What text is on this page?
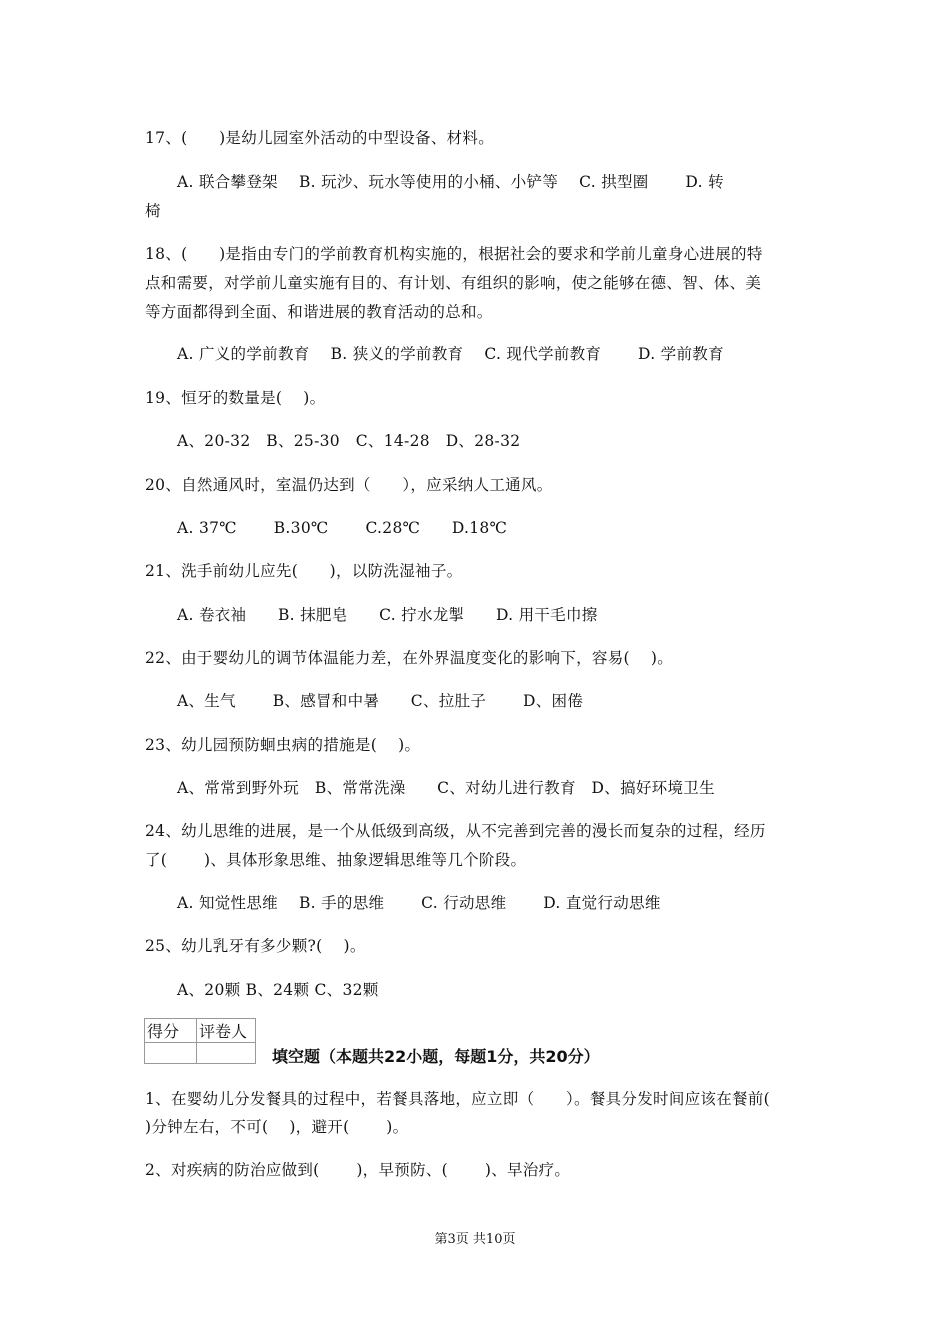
17、(　　)是幼儿园室外活动的中型设备、材料。
A. 联合攀登架　 B. 玩沙、玩水等使用的小桶、小铲等　 C. 拱型圈　　 D. 转
椅
18、(　　)是指由专门的学前教育机构实施的，根据社会的要求和学前儿童身心进展的特
点和需要，对学前儿童实施有目的、有计划、有组织的影响，使之能够在德、智、体、美
等方面都得到全面、和谐进展的教育活动的总和。
A. 广义的学前教育　 B. 狭义的学前教育　 C. 现代学前教育　　 D. 学前教育
19、恒牙的数量是(　 )。
A、20-32　B、25-30　C、14-28　D、28-32
20、自然通风时，室温仍达到（　　），应采纳人工通风。
A. 37℃　　 B.30℃　　 C.28℃　　D.18℃
21、洗手前幼儿应先(　　)，以防洗湿袖子。
A. 卷衣袖　　B. 抹肥皂　　C. 拧水龙掣　　D. 用干毛巾擦
22、由于婴幼儿的调节体温能力差，在外界温度变化的影响下，容易(　 )。
A、生气　　 B、感冒和中暑　　C、拉肚子　　 D、困倦
23、幼儿园预防蛔虫病的措施是(　 )。
A、常常到野外玩　B、常常洗澡　　C、对幼儿进行教育　D、搞好环境卫生
24、幼儿思维的进展，是一个从低级到高级，从不完善到完善的漫长而复杂的过程，经历
了(　　 )、具体形象思维、抽象逻辑思维等几个阶段。
A. 知觉性思维　 B. 手的思维　　 C. 行动思维　　 D. 直觉行动思维
25、幼儿乳牙有多少颗?(　 )。
A、20颗 B、24颗 C、32颗
得分	评卷人

填空题（本题共22小题，每题1分，共20分）
1、在婴幼儿分发餐具的过程中，若餐具落地，应立即（　　）。餐具分发时间应该在餐前(
)分钟左右，不可(　 )，避开(　　 )。
2、对疾病的防治应做到(　　 )，早预防、(　　 )、早治疗。
第3页 共10页
